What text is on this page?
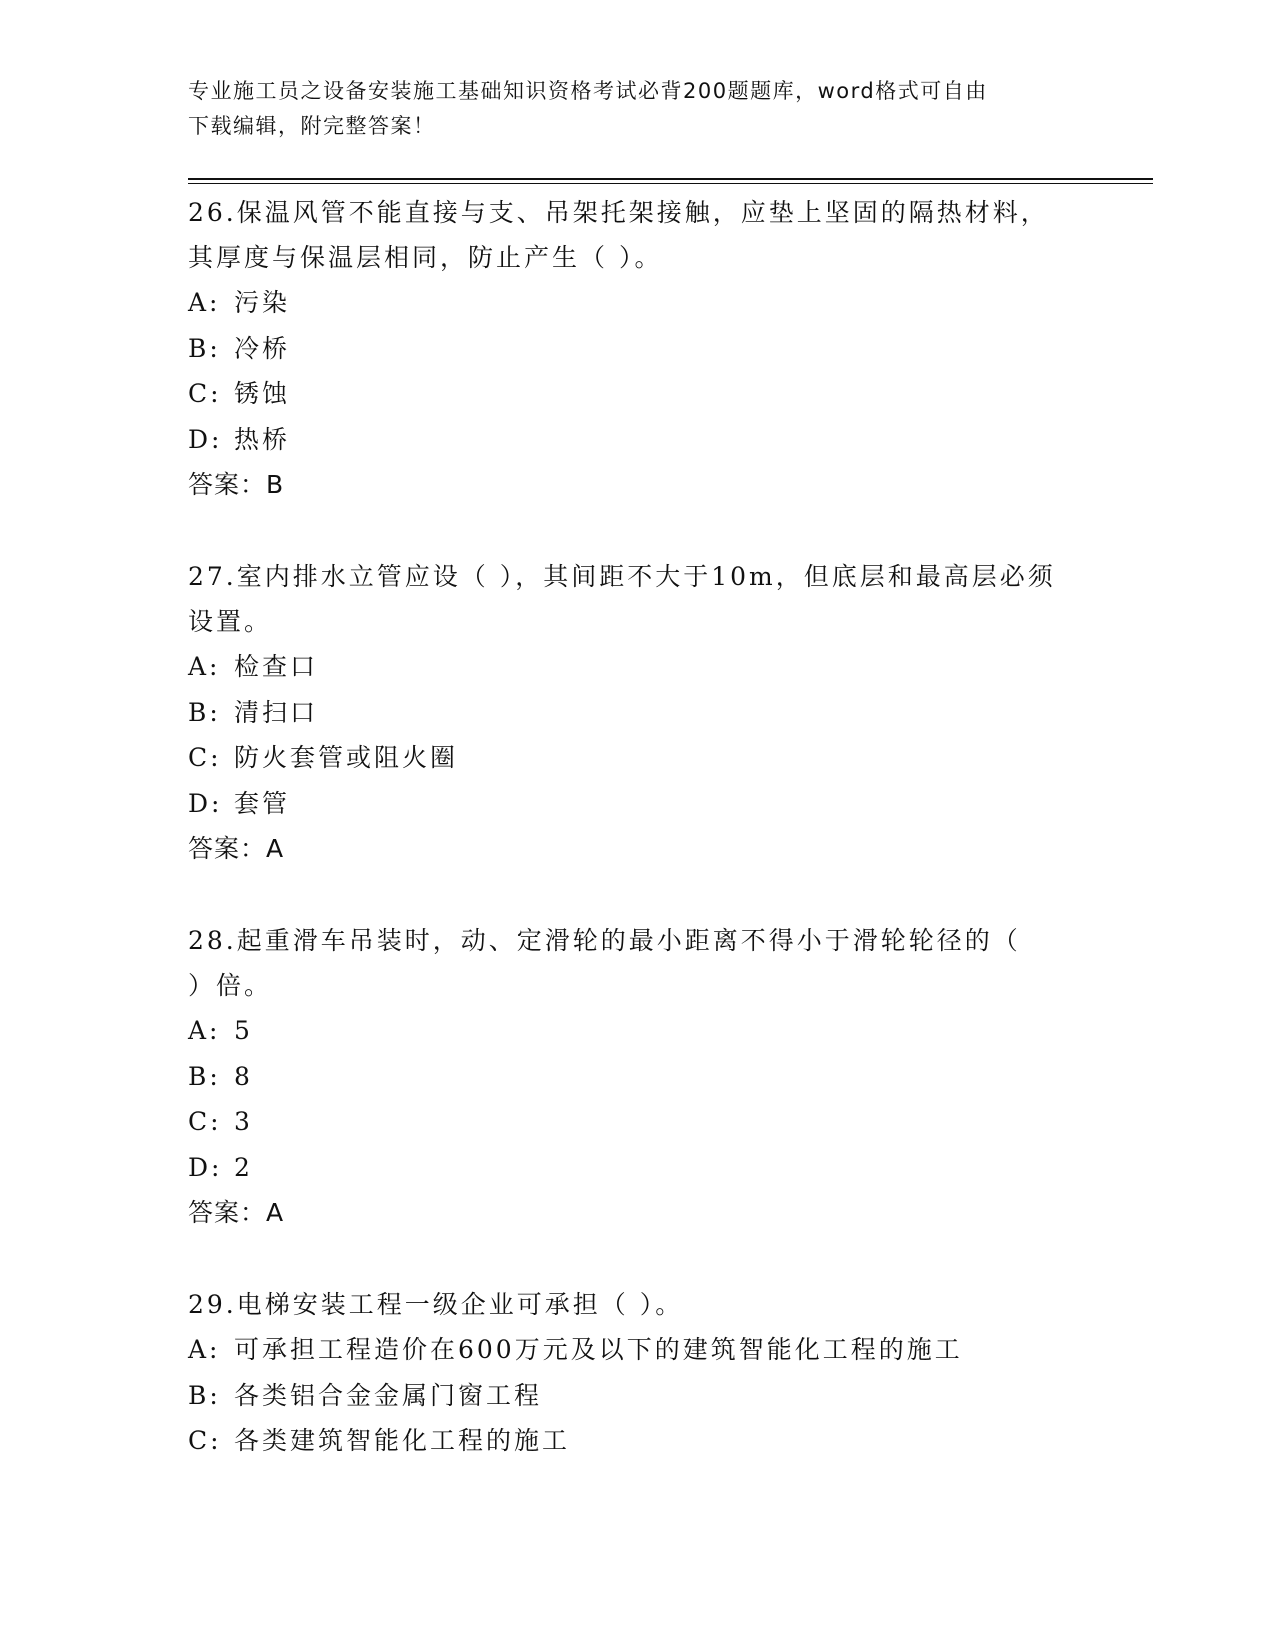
专业施工员之设备安装施工基础知识资格考试必背200题题库，word格式可自由
下载编辑，附完整答案！

26.保温风管不能直接与支、吊架托架接触，应垫上坚固的隔热材料，

其厚度与保温层相同，防止产生（ ）。

A: 污染

B: 冷桥

C: 锈蚀

D: 热桥

答案：B

27.室内排水立管应设（ ），其间距不大于10m，但底层和最高层必须

设置。

A: 检查口

B: 清扫口

C: 防火套管或阻火圈

D: 套管

答案：A

28.起重滑车吊装时，动、定滑轮的最小距离不得小于滑轮轮径的（

）倍。

A: 5

B: 8

C: 3

D: 2

答案：A

29.电梯安装工程一级企业可承担（ ）。

A: 可承担工程造价在600万元及以下的建筑智能化工程的施工

B: 各类铝合金金属门窗工程

C: 各类建筑智能化工程的施工
